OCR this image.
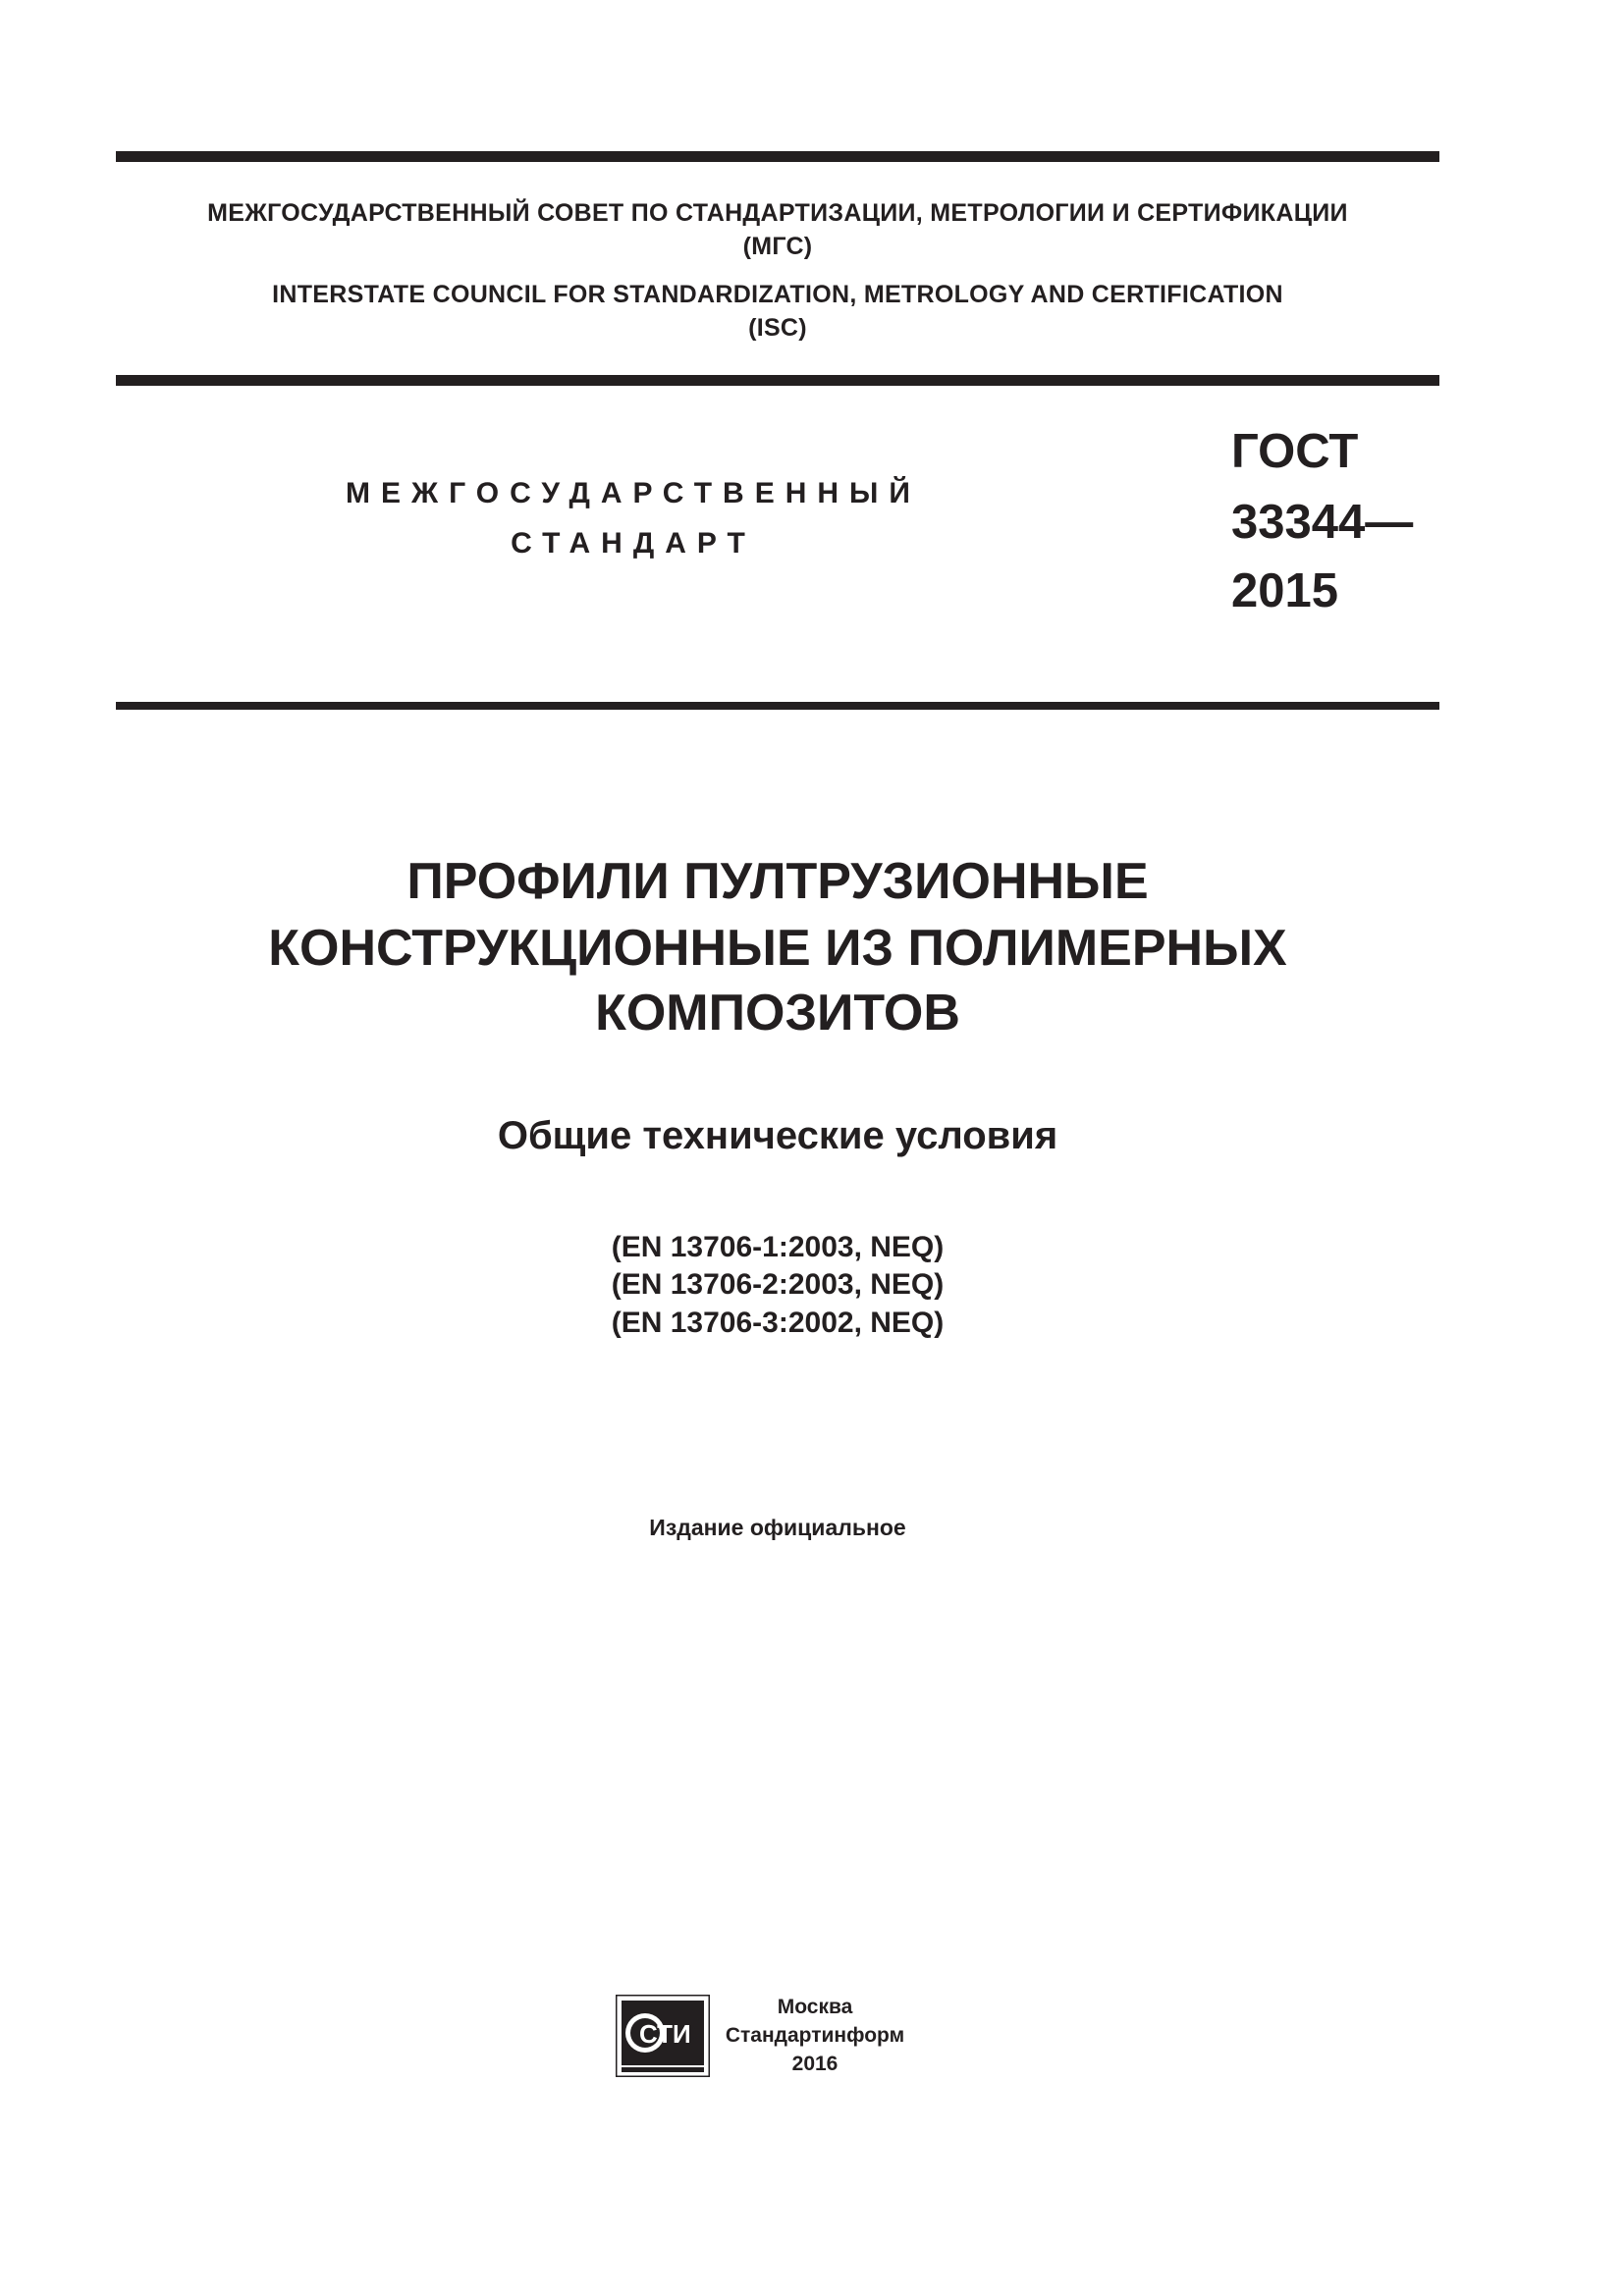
МЕЖГОСУДАРСТВЕННЫЙ СОВЕТ ПО СТАНДАРТИЗАЦИИ, МЕТРОЛОГИИ И СЕРТИФИКАЦИИ
(МГС)
INTERSTATE COUNCIL FOR STANDARDIZATION, METROLOGY AND CERTIFICATION
(ISC)
МЕЖГОСУДАРСТВЕННЫЙ
СТАНДАРТ
ГОСТ
33344—
2015
ПРОФИЛИ ПУЛТРУЗИОННЫЕ
КОНСТРУКЦИОННЫЕ ИЗ ПОЛИМЕРНЫХ
КОМПОЗИТОВ
Общие технические условия
(EN 13706-1:2003, NEQ)
(EN 13706-2:2003, NEQ)
(EN 13706-3:2002, NEQ)
Издание официальное
СТИ
Москва
Стандартинформ
2016
